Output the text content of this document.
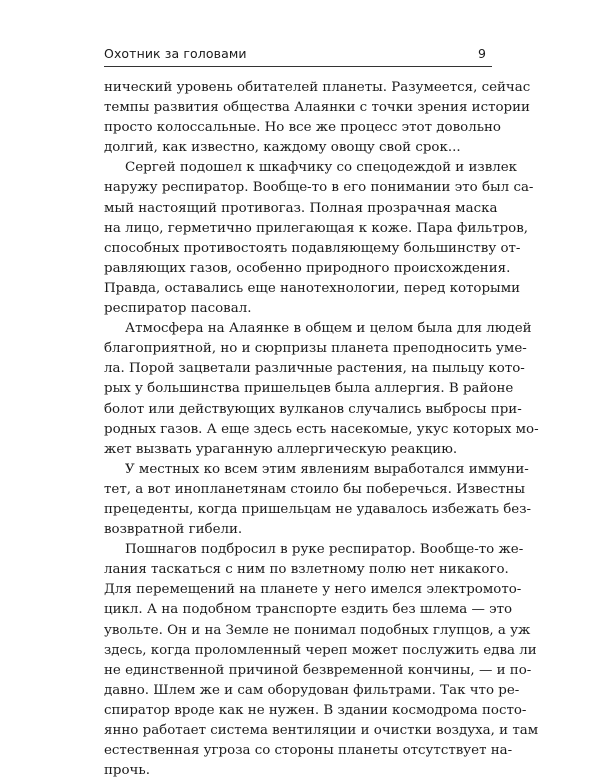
Охотник за головами	9
нический уровень обитателей планеты. Разумеется, сейчас
темпы развития общества Алаянки с точки зрения истории
просто колоссальные. Но все же процесс этот довольно
долгий, как известно, каждому овощу свой срок...
Сергей подошел к шкафчику со спецодеждой и извлек
наружу респиратор. Вообще-то в его понимании это был са-
мый настоящий противогаз. Полная прозрачная маска
на лицо, герметично прилегающая к коже. Пара фильтров,
способных противостоять подавляющему большинству от-
равляющих газов, особенно природного происхождения.
Правда, оставались еще нанотехнологии, перед которыми
респиратор пасовал.
Атмосфера на Алаянке в общем и целом была для людей
благоприятной, но и сюрпризы планета преподносить уме-
ла. Порой зацветали различные растения, на пыльцу кото-
рых у большинства пришельцев была аллергия. В районе
болот или действующих вулканов случались выбросы при-
родных газов. А еще здесь есть насекомые, укус которых мо-
жет вызвать ураганную аллергическую реакцию.
У местных ко всем этим явлениям выработался иммуни-
тет, а вот инопланетянам стоило бы поберечься. Известны
прецеденты, когда пришельцам не удавалось избежать без-
возвратной гибели.
Пошнагов подбросил в руке респиратор. Вообще-то же-
лания таскаться с ним по взлетному полю нет никакого.
Для перемещений на планете у него имелся электромото-
цикл. А на подобном транспорте ездить без шлема — это
увольте. Он и на Земле не понимал подобных глупцов, а уж
здесь, когда проломленный череп может послужить едва ли
не единственной причиной безвременной кончины, — и по-
давно. Шлем же и сам оборудован фильтрами. Так что ре-
спиратор вроде как не нужен. В здании космодрома посто-
янно работает система вентиляции и очистки воздуха, и там
естественная угроза со стороны планеты отсутствует на-
прочь.
